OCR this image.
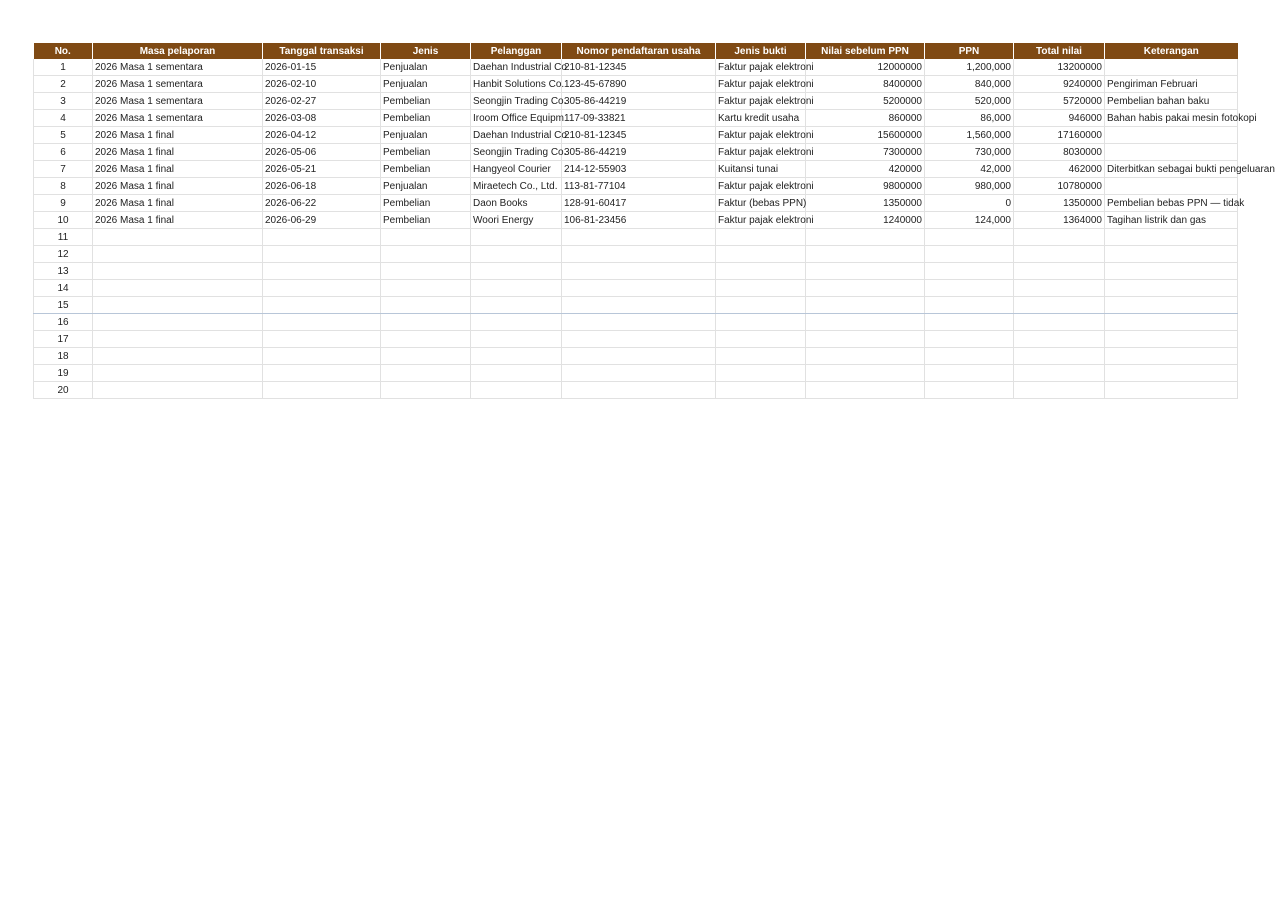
No.	Masa pelaporan	Tanggal transaksi	Jenis	Pelanggan	Nomor pendaftaran usaha	Jenis bukti	Nilai sebelum PPN	PPN	Total nilai	Keterangan
1	2026 Masa 1 sementara	2026-01-15	Penjualan	Daehan Industrial Co	210-81-12345	Faktur pajak elektroni	12000000	1,200,000	13200000	
2	2026 Masa 1 sementara	2026-02-10	Penjualan	Hanbit Solutions Co.	123-45-67890	Faktur pajak elektroni	8400000	840,000	9240000	Pengiriman Februari
3	2026 Masa 1 sementara	2026-02-27	Pembelian	Seongjin Trading Co.	305-86-44219	Faktur pajak elektroni	5200000	520,000	5720000	Pembelian bahan baku
4	2026 Masa 1 sementara	2026-03-08	Pembelian	Iroom Office Equipm	117-09-33821	Kartu kredit usaha	860000	86,000	946000	Bahan habis pakai mesin fotokopi
5	2026 Masa 1 final	2026-04-12	Penjualan	Daehan Industrial Co	210-81-12345	Faktur pajak elektroni	15600000	1,560,000	17160000	
6	2026 Masa 1 final	2026-05-06	Pembelian	Seongjin Trading Co.	305-86-44219	Faktur pajak elektroni	7300000	730,000	8030000	
7	2026 Masa 1 final	2026-05-21	Pembelian	Hangyeol Courier	214-12-55903	Kuitansi tunai	420000	42,000	462000	Diterbitkan sebagai bukti pengeluaran
8	2026 Masa 1 final	2026-06-18	Penjualan	Miraetech Co., Ltd.	113-81-77104	Faktur pajak elektroni	9800000	980,000	10780000	
9	2026 Masa 1 final	2026-06-22	Pembelian	Daon Books	128-91-60417	Faktur (bebas PPN)	1350000	0	1350000	Pembelian bebas PPN — tidak
10	2026 Masa 1 final	2026-06-29	Pembelian	Woori Energy	106-81-23456	Faktur pajak elektroni	1240000	124,000	1364000	Tagihan listrik dan gas
11										
12										
13										
14										
15										
16										
17										
18										
19										
20										
